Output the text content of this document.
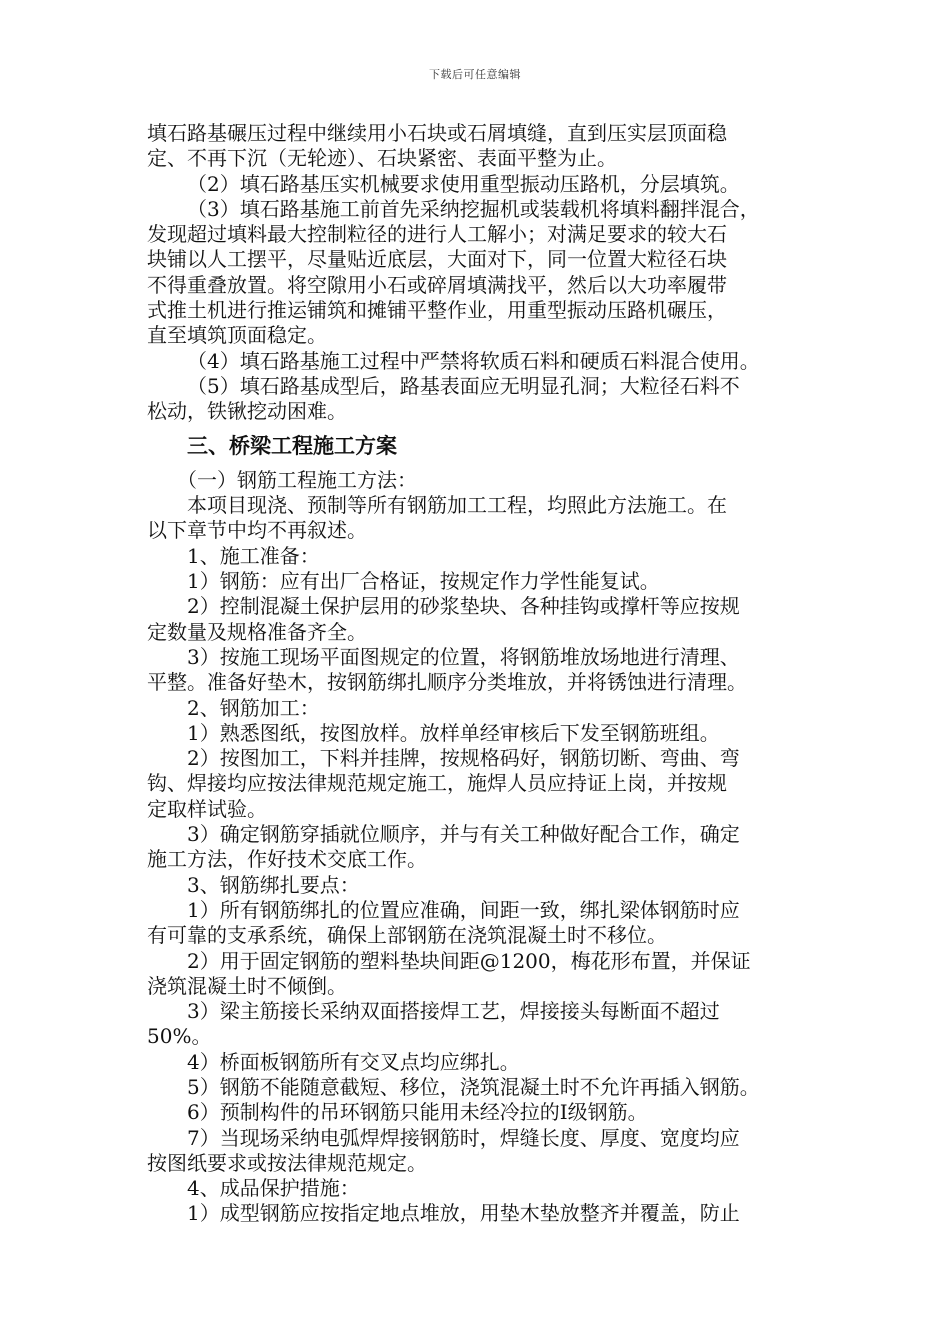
下载后可任意编辑
填石路基碾压过程中继续用小石块或石屑填缝，直到压实层顶面稳
定、不再下沉（无轮迹）、石块紧密、表面平整为止。
（2）填石路基压实机械要求使用重型振动压路机，分层填筑。
（3）填石路基施工前首先采纳挖掘机或装载机将填料翻拌混合，
发现超过填料最大控制粒径的进行人工解小；对满足要求的较大石
块铺以人工摆平，尽量贴近底层，大面对下，同一位置大粒径石块
不得重叠放置。将空隙用小石或碎屑填满找平，然后以大功率履带
式推土机进行推运铺筑和摊铺平整作业，用重型振动压路机碾压，
直至填筑顶面稳定。
（4）填石路基施工过程中严禁将软质石料和硬质石料混合使用。
（5）填石路基成型后，路基表面应无明显孔洞；大粒径石料不
松动，铁锹挖动困难。
三、桥梁工程施工方案
（一）钢筋工程施工方法：
本项目现浇、预制等所有钢筋加工工程，均照此方法施工。在
以下章节中均不再叙述。
1、施工准备：
1）钢筋：应有出厂合格证，按规定作力学性能复试。
2）控制混凝土保护层用的砂浆垫块、各种挂钩或撑杆等应按规
定数量及规格准备齐全。
3）按施工现场平面图规定的位置，将钢筋堆放场地进行清理、
平整。准备好垫木，按钢筋绑扎顺序分类堆放，并将锈蚀进行清理。
2、钢筋加工：
1）熟悉图纸，按图放样。放样单经审核后下发至钢筋班组。
2）按图加工，下料并挂牌，按规格码好，钢筋切断、弯曲、弯
钩、焊接均应按法律规范规定施工，施焊人员应持证上岗，并按规
定取样试验。
3）确定钢筋穿插就位顺序，并与有关工种做好配合工作，确定
施工方法，作好技术交底工作。
3、钢筋绑扎要点：
1）所有钢筋绑扎的位置应准确，间距一致，绑扎梁体钢筋时应
有可靠的支承系统，确保上部钢筋在浇筑混凝土时不移位。
2）用于固定钢筋的塑料垫块间距@1200，梅花形布置，并保证
浇筑混凝土时不倾倒。
3）梁主筋接长采纳双面搭接焊工艺，焊接接头每断面不超过
50%。
4）桥面板钢筋所有交叉点均应绑扎。
5）钢筋不能随意截短、移位，浇筑混凝土时不允许再插入钢筋。
6）预制构件的吊环钢筋只能用未经冷拉的Ⅰ级钢筋。
7）当现场采纳电弧焊焊接钢筋时，焊缝长度、厚度、宽度均应
按图纸要求或按法律规范规定。
4、成品保护措施：
1）成型钢筋应按指定地点堆放，用垫木垫放整齐并覆盖，防止
